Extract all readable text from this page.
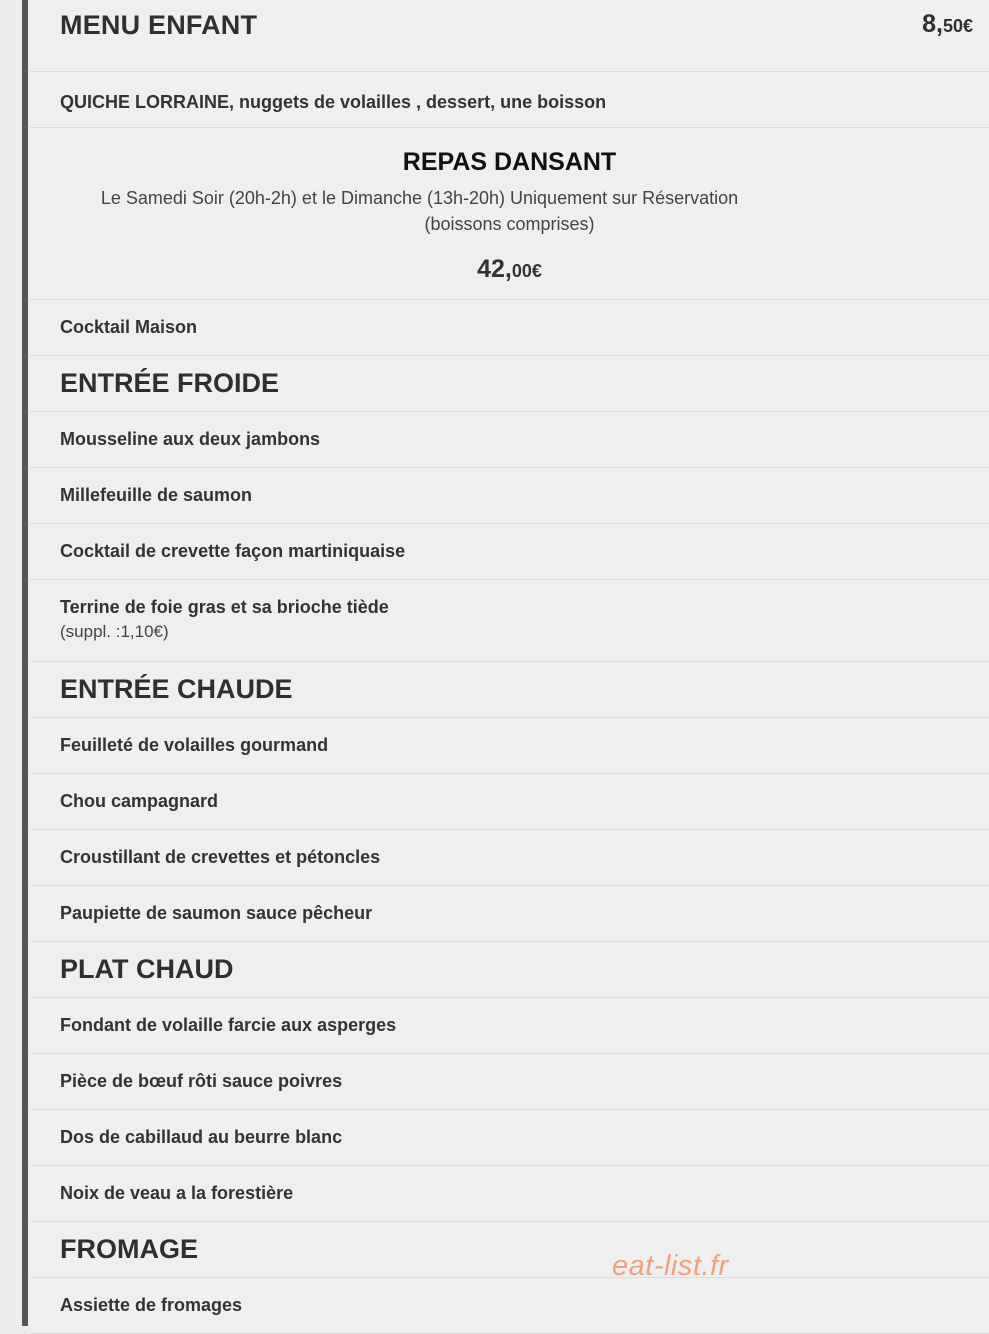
MENU ENFANT	8,50€
QUICHE LORRAINE, nuggets de volailles , dessert, une boisson
REPAS DANSANT
Le Samedi Soir (20h-2h) et le Dimanche (13h-20h) Uniquement sur Réservation
(boissons comprises)
42,00€
Cocktail Maison
ENTRÉE FROIDE
Mousseline aux deux jambons
Millefeuille de saumon
Cocktail de crevette façon martiniquaise
Terrine de foie gras et sa brioche tiède
(suppl. :1,10€)
ENTRÉE CHAUDE
Feuilleté de volailles gourmand
Chou campagnard
Croustillant de crevettes et pétoncles
Paupiette de saumon sauce pêcheur
PLAT CHAUD
Fondant de volaille farcie aux asperges
Pièce de bœuf rôti sauce poivres
Dos de cabillaud au beurre blanc
Noix de veau a la forestière
FROMAGE
Assiette de fromages
eat-list.fr
